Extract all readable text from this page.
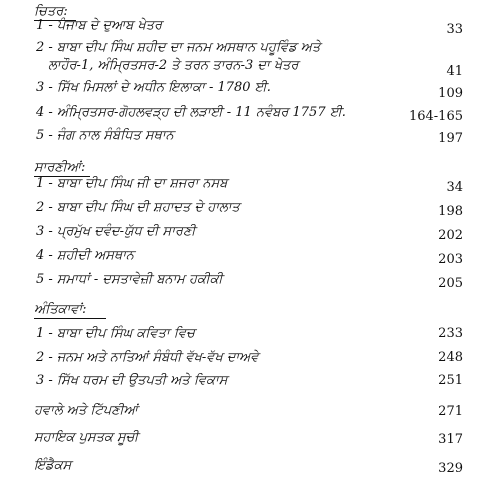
ਚਿਤਰ:
1 - ਪੰਜਾਬ ਦੇ ਦੁਆਬ ਖੇਤਰ	33
2 - ਬਾਬਾ ਦੀਪ ਸਿੰਘ ਸ਼ਹੀਦ ਦਾ ਜਨਮ ਅਸਥਾਨ ਪਹੂਵਿੰਡ ਅਤੇ
ਲਾਹੌਰ-1, ਅੰਮ੍ਰਿਤਸਰ-2 ਤੇ ਤਰਨ ਤਾਰਨ-3 ਦਾ ਖੇਤਰ	41
3 - ਸਿੱਖ ਮਿਸਲਾਂ ਦੇ ਅਧੀਨ ਇਲਾਕਾ - 1780 ਈ.	109
4 - ਅੰਮ੍ਰਿਤਸਰ-ਗੋਹਲਵੜ੍ਹ ਦੀ ਲੜਾਈ - 11 ਨਵੰਬਰ 1757 ਈ.	164-165
5 - ਜੰਗ ਨਾਲ ਸੰਬੰਧਿਤ ਸਥਾਨ	197
ਸਾਰਣੀਆਂ:
1 - ਬਾਬਾ ਦੀਪ ਸਿੰਘ ਜੀ ਦਾ ਸ਼ਜਰਾ ਨਸਬ	34
2 - ਬਾਬਾ ਦੀਪ ਸਿੰਘ ਦੀ ਸ਼ਹਾਦਤ ਦੇ ਹਾਲਾਤ	198
3 - ਪ੍ਰਮੁੱਖ ਦਵੰਦ-ਯੁੱਧ ਦੀ ਸਾਰਣੀ	202
4 - ਸ਼ਹੀਦੀ ਅਸਥਾਨ	203
5 - ਸਮਾਧਾਂ - ਦਸਤਾਵੇਜ਼ੀ ਬਨਾਮ ਹਕੀਕੀ	205
ਅੰਤਿਕਾਵਾਂ:
1 - ਬਾਬਾ ਦੀਪ ਸਿੰਘ ਕਵਿਤਾ ਵਿਚ	233
2 - ਜਨਮ ਅਤੇ ਨਾਤਿਆਂ ਸੰਬੰਧੀ ਵੱਖ-ਵੱਖ ਦਾਅਵੇ	248
3 - ਸਿੱਖ ਧਰਮ ਦੀ ਉਤਪਤੀ ਅਤੇ ਵਿਕਾਸ	251
ਹਵਾਲੇ ਅਤੇ ਟਿੱਪਣੀਆਂ	271
ਸਹਾਇਕ ਪੁਸਤਕ ਸੂਚੀ	317
ਇੰਡੈਕਸ	329
